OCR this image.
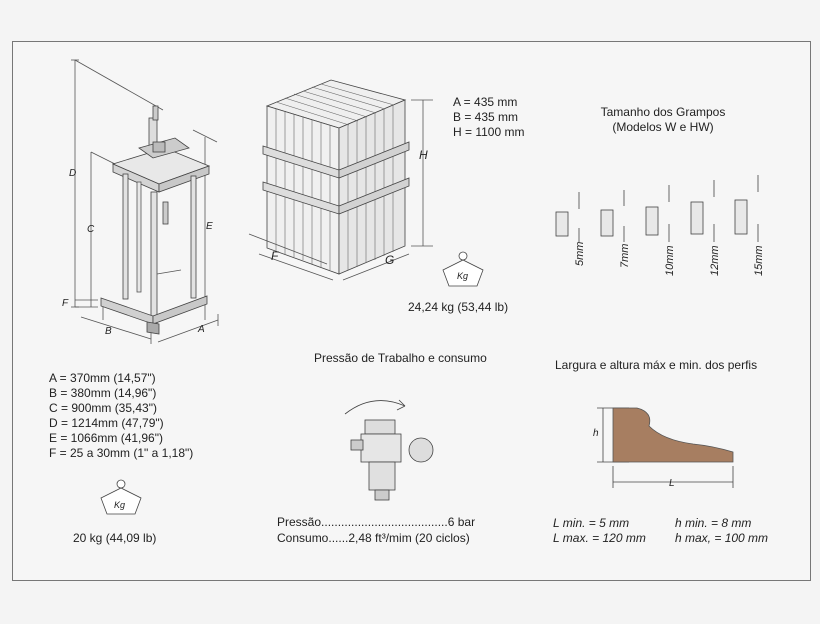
D
C	E
F
B	A
A = 370mm (14,57")
B = 380mm (14,96")
C = 900mm (35,43")
D = 1214mm (47,79")
E = 1066mm (41,96")
F = 25 a 30mm (1" a 1,18")
Kg
20 kg (44,09 lb)
F	G
H
A = 435 mm
B = 435 mm
H = 1100 mm
Kg
24,24 kg (53,44 lb)
Tamanho dos Grampos
(Modelos W e HW)
5mm	7mm	10mm	12mm	15mm
Pressão de Trabalho e consumo
Pressão......................................6 bar
Consumo......2,48 ft³/mim (20 ciclos)
Largura e altura máx e min. dos perfis
h
L
L min. = 5 mm	h min. = 8 mm
L max. = 120 mm h max, = 100 mm
